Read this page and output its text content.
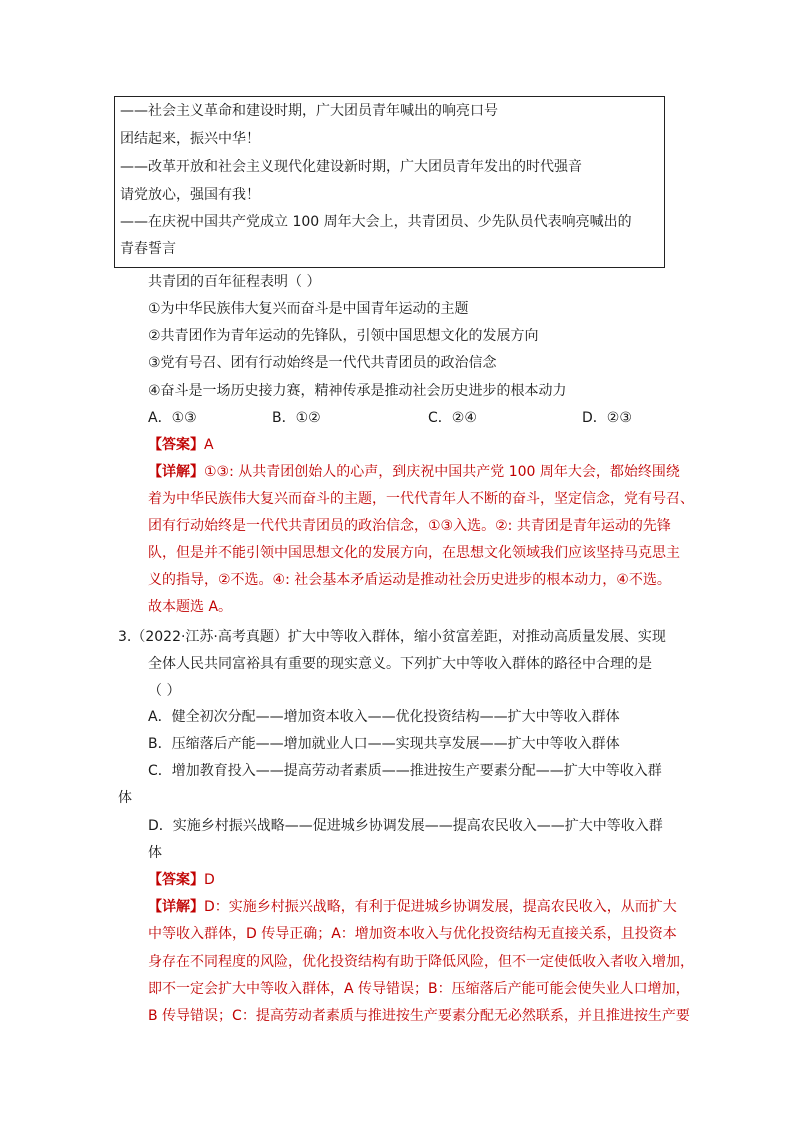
——社会主义革命和建设时期，广大团员青年喊出的响亮口号
团结起来，振兴中华！
——改革开放和社会主义现代化建设新时期，广大团员青年发出的时代强音
请党放心，强国有我！
——在庆祝中国共产党成立 100 周年大会上，共青团员、少先队员代表响亮喊出的
青春誓言
共青团的百年征程表明（ ）
①为中华民族伟大复兴而奋斗是中国青年运动的主题
②共青团作为青年运动的先锋队，引领中国思想文化的发展方向
③党有号召、团有行动始终是一代代共青团员的政治信念
④奋斗是一场历史接力赛，精神传承是推动社会历史进步的根本动力
A．①③	B．①②	C．②④	D．②③
【答案】A
【详解】①③: 从共青团创始人的心声，到庆祝中国共产党 100 周年大会，都始终围绕
着为中华民族伟大复兴而奋斗的主题，一代代青年人不断的奋斗，坚定信念，党有号召、
团有行动始终是一代代共青团员的政治信念，①③入选。②: 共青团是青年运动的先锋
队，但是并不能引领中国思想文化的发展方向，在思想文化领域我们应该坚持马克思主
义的指导，②不选。④: 社会基本矛盾运动是推动社会历史进步的根本动力，④不选。
故本题选 A。
3.（2022·江苏·高考真题）扩大中等收入群体，缩小贫富差距，对推动高质量发展、实现
全体人民共同富裕具有重要的现实意义。下列扩大中等收入群体的路径中合理的是
（ ）
A．健全初次分配——增加资本收入——优化投资结构——扩大中等收入群体
B．压缩落后产能——增加就业人口——实现共享发展——扩大中等收入群体
C．增加教育投入——提高劳动者素质——推进按生产要素分配——扩大中等收入群
体
D．实施乡村振兴战略——促进城乡协调发展——提高农民收入——扩大中等收入群
体
【答案】D
【详解】D：实施乡村振兴战略，有利于促进城乡协调发展，提高农民收入，从而扩大
中等收入群体，D 传导正确；A：增加资本收入与优化投资结构无直接关系，且投资本
身存在不同程度的风险，优化投资结构有助于降低风险，但不一定使低收入者收入增加，
即不一定会扩大中等收入群体，A 传导错误；B：压缩落后产能可能会使失业人口增加，
B 传导错误；C：提高劳动者素质与推进按生产要素分配无必然联系，并且推进按生产要
